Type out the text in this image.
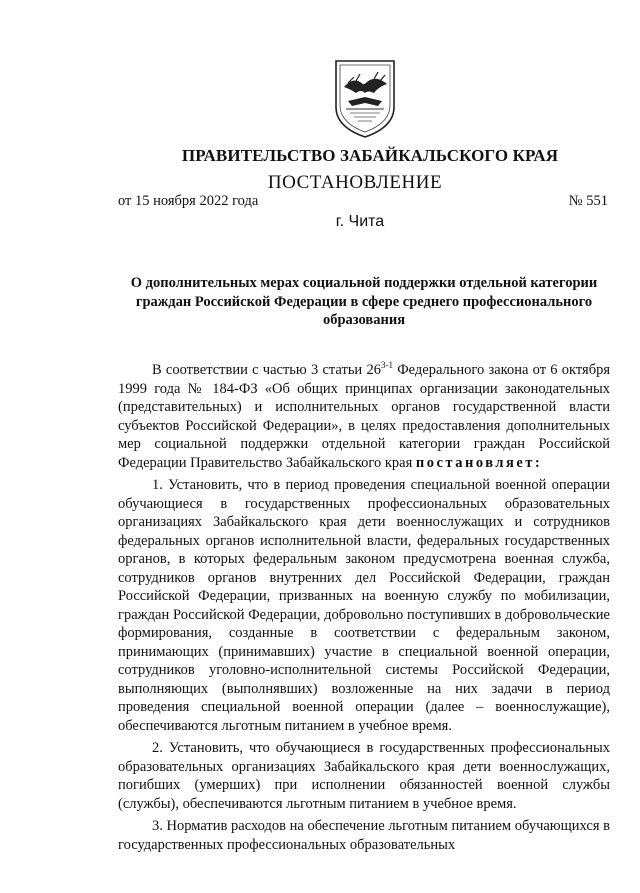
ПРАВИТЕЛЬСТВО ЗАБАЙКАЛЬСКОГО КРАЯ
ПОСТАНОВЛЕНИЕ
от 15 ноября 2022 года	№ 551
г. Чита
О дополнительных мерах социальной поддержки отдельной категории граждан Российской Федерации в сфере среднего профессионального образования

В соответствии с частью 3 статьи 26$^{3-1}$ Федерального закона от 6 октября 1999 года № 184-ФЗ «Об общих принципах организации законодательных (представительных) и исполнительных органов государственной власти субъектов Российской Федерации», в целях предоставления дополнительных мер социальной поддержки отдельной категории граждан Российской Федерации Правительство Забайкальского края постановляет:

1. Установить, что в период проведения специальной военной операции обучающиеся в государственных профессиональных образовательных организациях Забайкальского края дети военнослужащих и сотрудников федеральных органов исполнительной власти, федеральных государственных органов, в которых федеральным законом предусмотрена военная служба, сотрудников органов внутренних дел Российской Федерации, граждан Российской Федерации, призванных на военную службу по мобилизации, граждан Российской Федерации, добровольно поступивших в добровольческие формирования, созданные в соответствии с федеральным законом, принимающих (принимавших) участие в специальной военной операции, сотрудников уголовно-исполнительной системы Российской Федерации, выполняющих (выполнявших) возложенные на них задачи в период проведения специальной военной операции (далее – военнослужащие), обеспечиваются льготным питанием в учебное время.

2. Установить, что обучающиеся в государственных профессиональных образовательных организациях Забайкальского края дети военнослужащих, погибших (умерших) при исполнении обязанностей военной службы (службы), обеспечиваются льготным питанием в учебное время.

3. Норматив расходов на обеспечение льготным питанием обучающихся в государственных профессиональных образовательных
